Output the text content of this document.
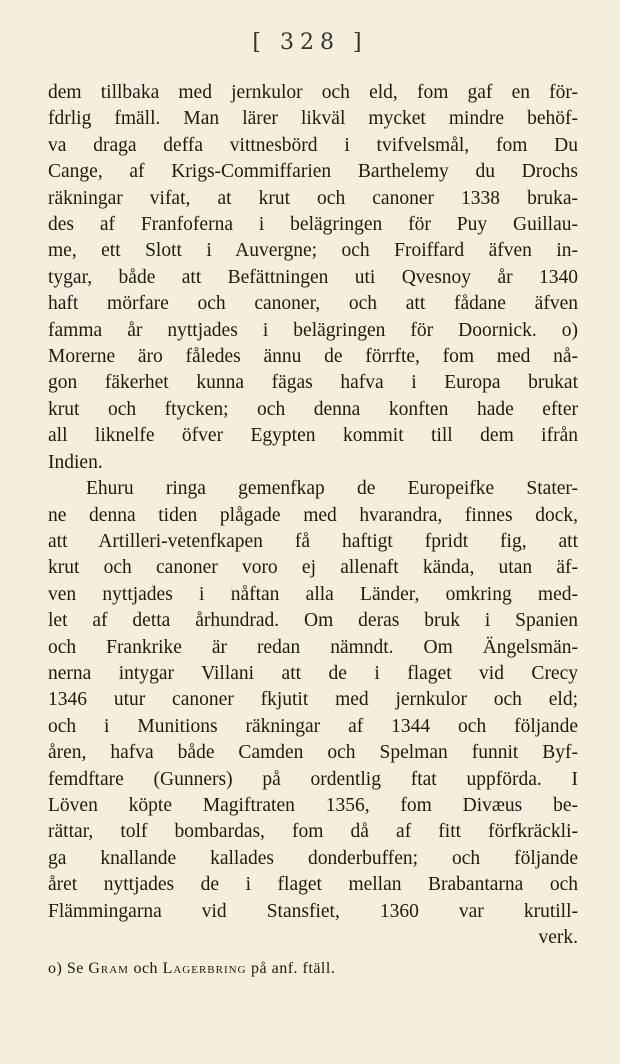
[ 328 ]
dem tillbaka med jernkulor och eld, fom gaf en för-
fdrlig fmäll. Man lärer likväl mycket mindre behöf-
va draga deffa vittnesbörd i tvifvelsmål, fom Du
Cange, af Krigs-Commiffarien Barthelemy du Drochs
räkningar vifat, at krut och canoner 1338 bruka-
des af Franfoferna i belägringen för Puy Guillau-
me, ett Slott i Auvergne; och Froiffard äfven in-
tygar, både att Befättningen uti Qvesnoy år 1340
haft mörfare och canoner, och att fådane äfven
famma år nyttjades i belägringen för Doornick. o)
Morerne äro fåledes ännu de förrfte, fom med nå-
gon fäkerhet kunna fägas hafva i Europa brukat
krut och ftycken; och denna konften hade efter
all liknelfe öfver Egypten kommit till dem ifrån
Indien.
Ehuru ringa gemenfkap de Europeifke Stater-
ne denna tiden plågade med hvarandra, finnes dock,
att Artilleri-vetenfkapen få haftigt fpridt fig, att
krut och canoner voro ej allenaft kända, utan äf-
ven nyttjades i nåftan alla Länder, omkring med-
let af detta århundrad. Om deras bruk i Spanien
och Frankrike är redan nämndt. Om Ängelsmän-
nerna intygar Villani att de i flaget vid Crecy
1346 utur canoner fkjutit med jernkulor och eld;
och i Munitions räkningar af 1344 och följande
åren, hafva både Camden och Spelman funnit Byf-
femdftare (Gunners) på ordentlig ftat uppförda. I
Löven köpte Magiftraten 1356, fom Divæus be-
rättar, tolf bombardas, fom då af fitt förfkräckli-
ga knallande kallades donderbuffen; och följande
året nyttjades de i flaget mellan Brabantarna och
Flämmingarna vid Stansfiet, 1360 var krutill-
verk.
o) Se Gram och Lagerbring på anf. ftäll.
